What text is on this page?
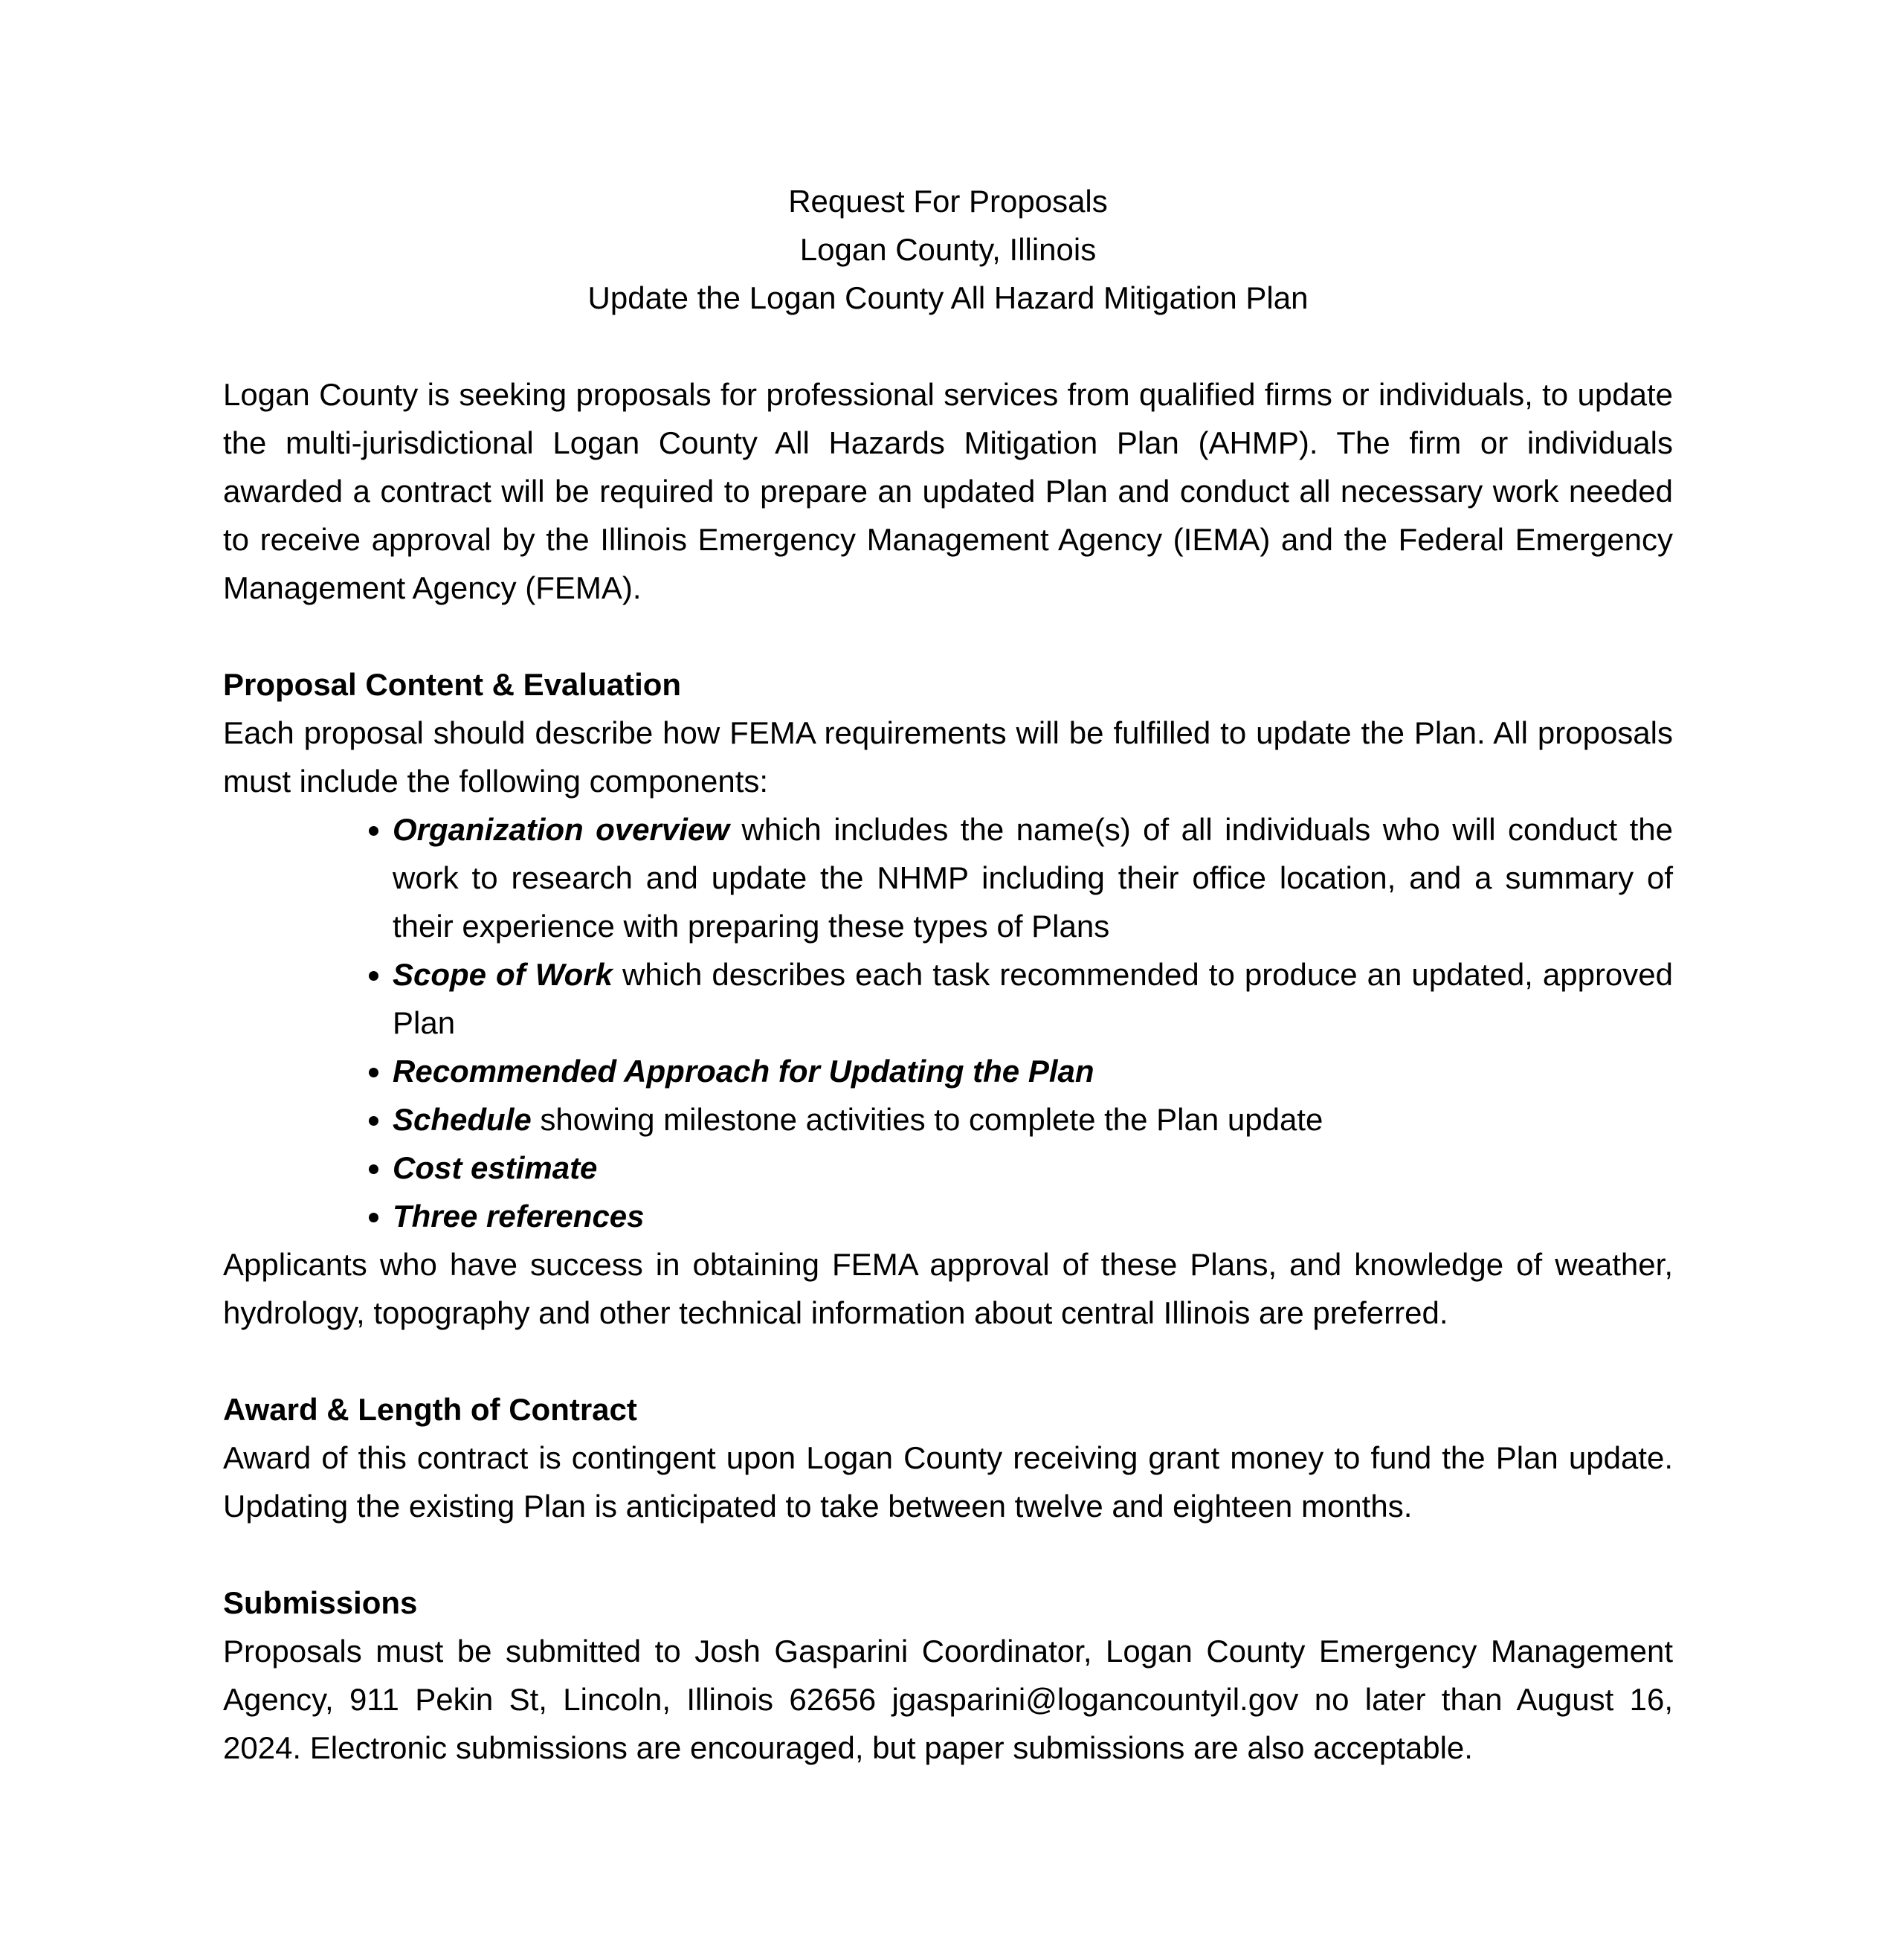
Request For Proposals

Logan County, Illinois

Update the Logan County All Hazard Mitigation Plan

Logan County is seeking proposals for professional services from qualified firms or individuals, to update the multi-jurisdictional Logan County All Hazards Mitigation Plan (AHMP). The firm or individuals awarded a contract will be required to prepare an updated Plan and conduct all necessary work needed to receive approval by the Illinois Emergency Management Agency (IEMA) and the Federal Emergency Management Agency (FEMA).

Proposal Content & Evaluation

Each proposal should describe how FEMA requirements will be fulfilled to update the Plan. All proposals must include the following components:

• Organization overview which includes the name(s) of all individuals who will conduct the work to research and update the NHMP including their office location, and a summary of their experience with preparing these types of Plans
• Scope of Work which describes each task recommended to produce an updated, approved Plan
• Recommended Approach for Updating the Plan
• Schedule showing milestone activities to complete the Plan update
• Cost estimate
• Three references

Applicants who have success in obtaining FEMA approval of these Plans, and knowledge of weather, hydrology, topography and other technical information about central Illinois are preferred.

Award & Length of Contract

Award of this contract is contingent upon Logan County receiving grant money to fund the Plan update. Updating the existing Plan is anticipated to take between twelve and eighteen months.

Submissions

Proposals must be submitted to Josh Gasparini Coordinator, Logan County Emergency Management Agency, 911 Pekin St, Lincoln, Illinois 62656 jgasparini@logancountyil.gov no later than August 16, 2024. Electronic submissions are encouraged, but paper submissions are also acceptable.
